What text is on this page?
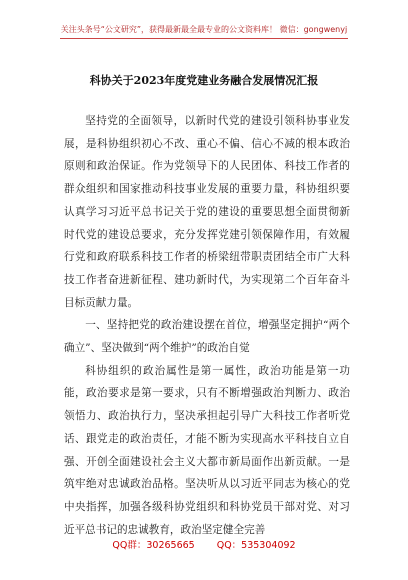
关注头条号“公文研究”，获得最新最全最专业的公文资料库！ 微信：gongwenyj
科协关于2023年度党建业务融合发展情况汇报

坚持党的全面领导，以新时代党的建设引领科协事业发展，是科协组织初心不改、重心不偏、信心不减的根本政治原则和政治保证。作为党领导下的人民团体、科技工作者的群众组织和国家推动科技事业发展的重要力量，科协组织要认真学习习近平总书记关于党的建设的重要思想全面贯彻新时代党的建设总要求，充分发挥党建引领保障作用，有效履行党和政府联系科技工作者的桥梁纽带职责团结全市广大科技工作者奋进新征程、建功新时代，为实现第二个百年奋斗目标贡献力量。

一、坚持把党的政治建设摆在首位，增强坚定拥护“两个确立”、坚决做到“两个维护”的政治自觉

科协组织的政治属性是第一属性，政治功能是第一功能，政治要求是第一要求，只有不断增强政治判断力、政治领悟力、政治执行力，坚决承担起引导广大科技工作者听党话、跟党走的政治责任，才能不断为实现高水平科技自立自强、开创全面建设社会主义大都市新局面作出新贡献。一是筑牢绝对忠诚政治品格。坚决听从以习近平同志为核心的党中央指挥，加强各级科协党组织和科协党员干部对党、对习近平总书记的忠诚教育，政治坚定健全完善

QQ群：30265665 QQ：535304092
